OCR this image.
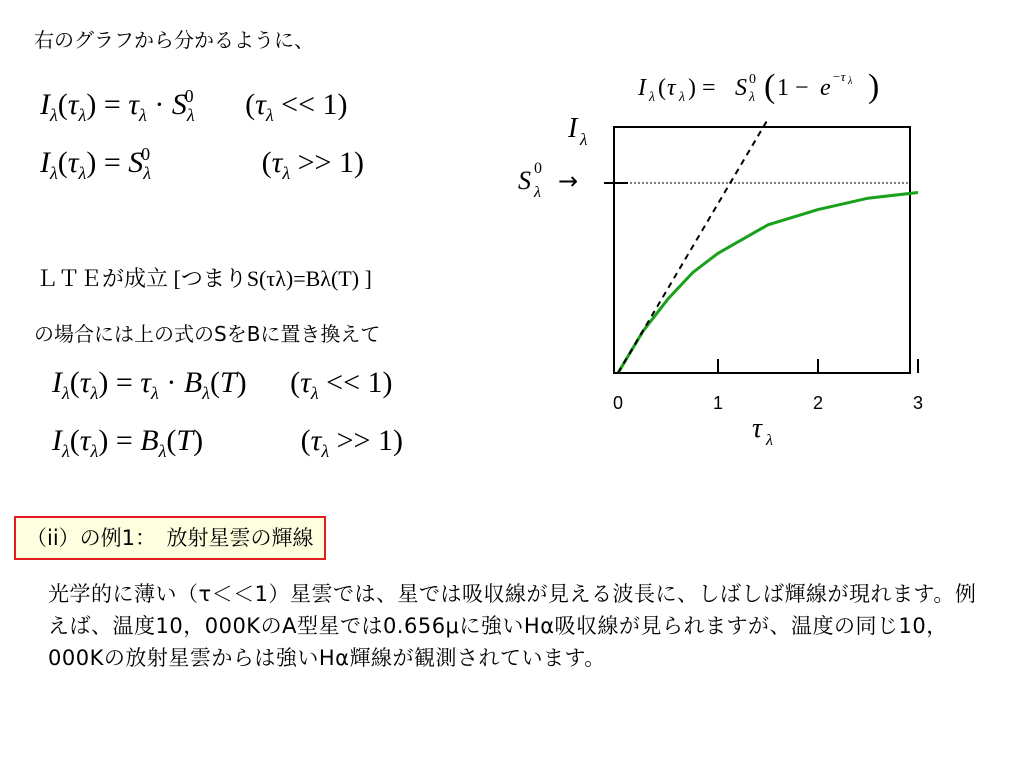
右のグラフから分かるように、
$I_\lambda(\tau_\lambda) = \tau_\lambda \cdot S_\lambda^0$ $(\tau_\lambda << 1)$
$I_\lambda(\tau_\lambda) = S_\lambda^0$	$(\tau_\lambda >> 1)$
ＬＴＥが成立 [つまりS(τλ)=Bλ(T) ]
の場合には上の式のSをBに置き換えて
$I_\lambda(\tau_\lambda) = \tau_\lambda \cdot B_\lambda(T) (\tau_\lambda << 1)$
$I_\lambda(\tau_\lambda) = B_\lambda(T)$	$(\tau_\lambda >> 1)$
I λ ( τ λ ) = S λ
0 ( 1 − e −τ λ )
I λ
S λ
0 →
0	1	2	3
τ λ
（ii）の例1：　放射星雲の輝線
光学的に薄い（τ＜＜1）星雲では、星では吸収線が見える波長に、しばしば輝線が現れます。例えば、温度10，000KのA型星では0.656μに強いHα吸収線が見られますが、温度の同じ10，000Kの放射星雲からは強いHα輝線が観測されています。
